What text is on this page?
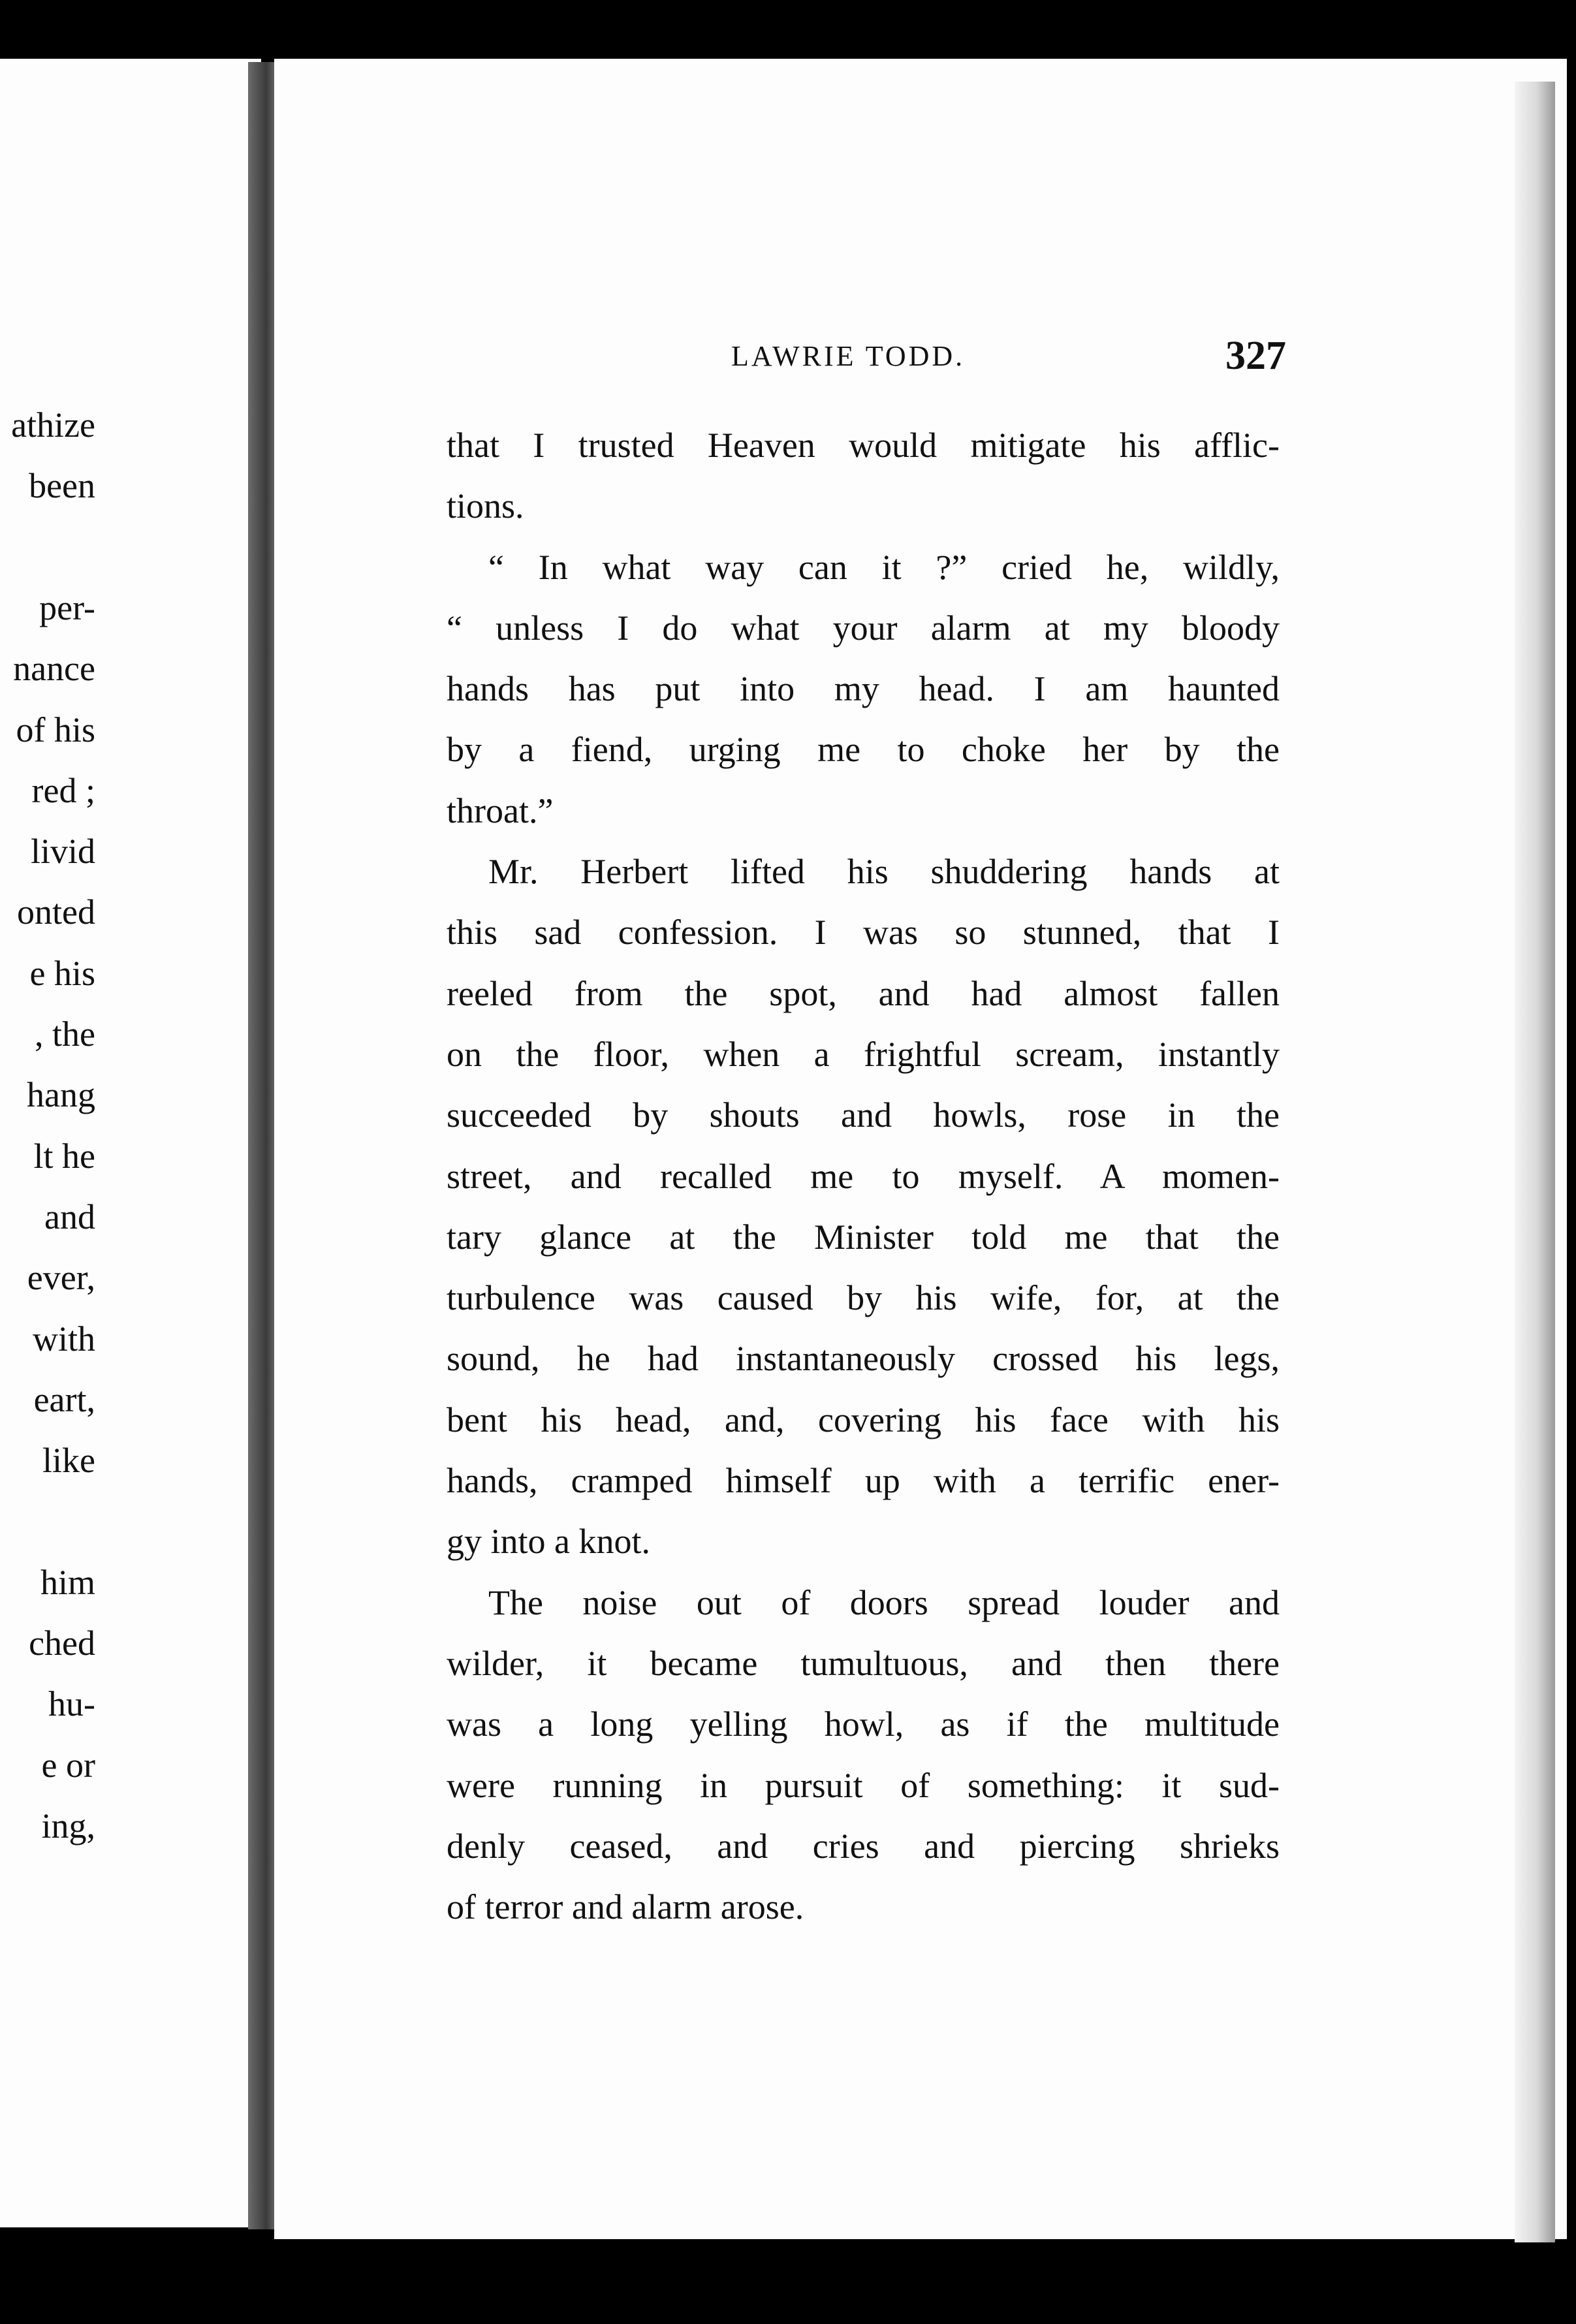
athize
been
per-
nance
of his
red ;
livid
onted
e his
, the
hang
lt he
and
ever,
with
eart,
like
him
ched
hu-
e or
ing,
LAWRIE TODD.	327
that I trusted Heaven would mitigate his afflic-
tions.
“ In what way can it ?” cried he, wildly,
“ unless I do what your alarm at my bloody
hands has put into my head. I am haunted
by a fiend, urging me to choke her by the
throat.”
Mr. Herbert lifted his shuddering hands at
this sad confession. I was so stunned, that I
reeled from the spot, and had almost fallen
on the floor, when a frightful scream, instantly
succeeded by shouts and howls, rose in the
street, and recalled me to myself. A momen-
tary glance at the Minister told me that the
turbulence was caused by his wife, for, at the
sound, he had instantaneously crossed his legs,
bent his head, and, covering his face with his
hands, cramped himself up with a terrific ener-
gy into a knot.
The noise out of doors spread louder and
wilder, it became tumultuous, and then there
was a long yelling howl, as if the multitude
were running in pursuit of something: it sud-
denly ceased, and cries and piercing shrieks
of terror and alarm arose.
